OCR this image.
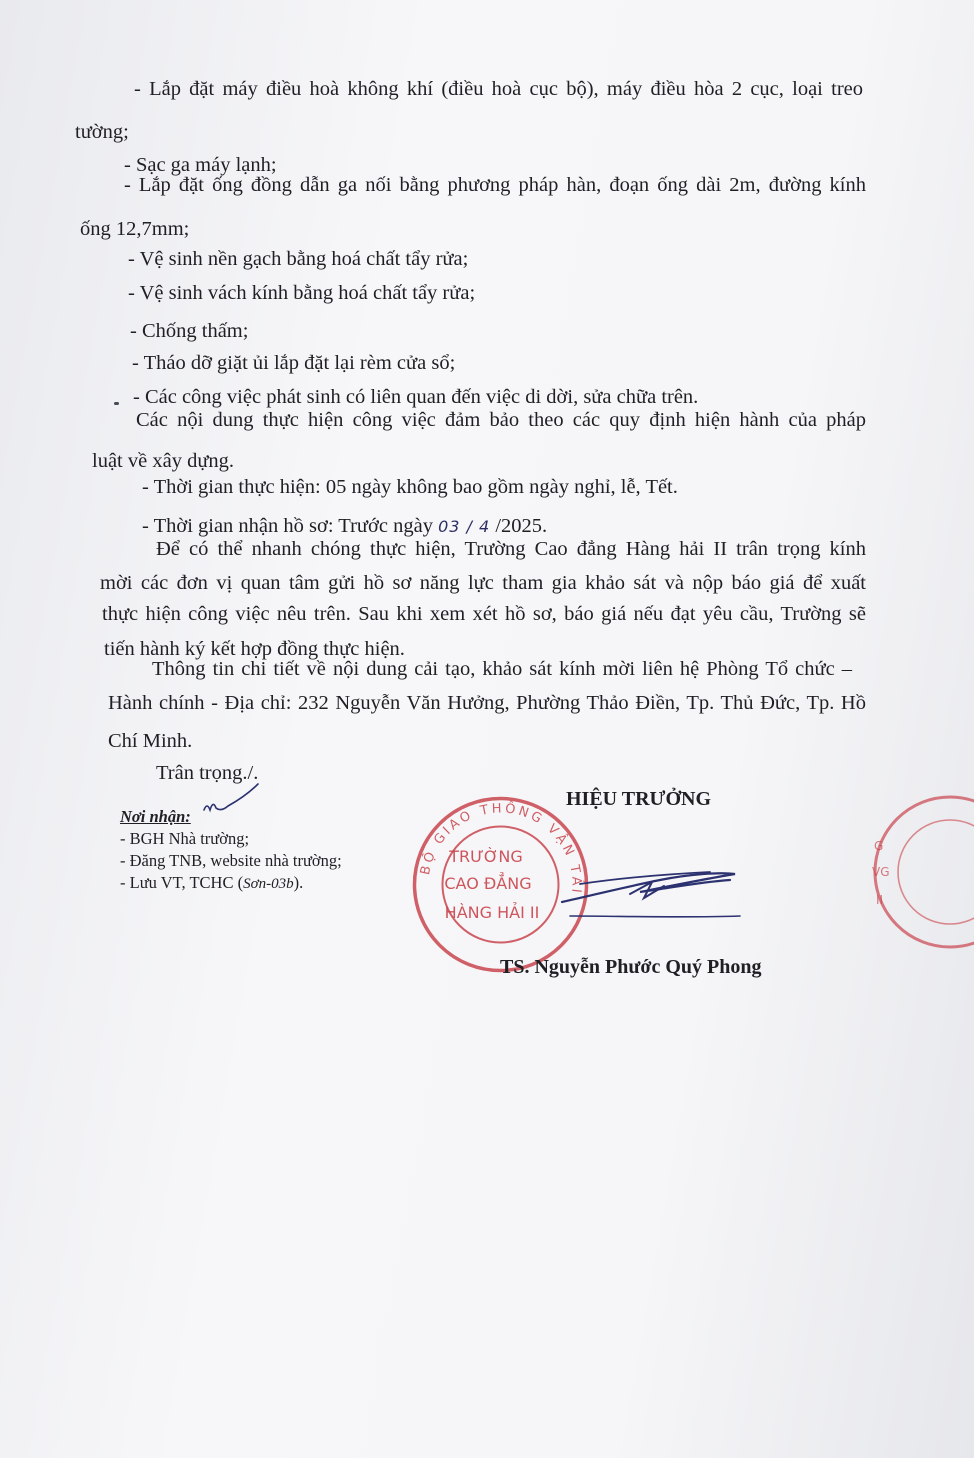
- Lắp đặt máy điều hoà không khí (điều hoà cục bộ), máy điều hòa 2 cục, loại treo
tường;
- Sạc ga máy lạnh;
- Lắp đặt ống đồng dẫn ga nối bằng phương pháp hàn, đoạn ống dài 2m, đường kính
ống 12,7mm;
- Vệ sinh nền gạch bằng hoá chất tẩy rửa;
- Vệ sinh vách kính bằng hoá chất tẩy rửa;
- Chống thấm;
- Tháo dỡ giặt ủi lắp đặt lại rèm cửa sổ;
- Các công việc phát sinh có liên quan đến việc di dời, sửa chữa trên.
Các nội dung thực hiện công việc đảm bảo theo các quy định hiện hành của pháp
luật về xây dựng.
- Thời gian thực hiện: 05 ngày không bao gồm ngày nghỉ, lễ, Tết.
- Thời gian nhận hồ sơ: Trước ngày 03 / 4 /2025.
Để có thể nhanh chóng thực hiện, Trường Cao đẳng Hàng hải II trân trọng kính
mời các đơn vị quan tâm gửi hồ sơ năng lực tham gia khảo sát và nộp báo giá để xuất
thực hiện công việc nêu trên. Sau khi xem xét hồ sơ, báo giá nếu đạt yêu cầu, Trường sẽ
tiến hành ký kết hợp đồng thực hiện.
Thông tin chi tiết về nội dung cải tạo, khảo sát kính mời liên hệ Phòng Tổ chức –
Hành chính - Địa chỉ: 232 Nguyễn Văn Hưởng, Phường Thảo Điền, Tp. Thủ Đức, Tp. Hồ
Chí Minh.
Trân trọng./.
Nơi nhận:
- BGH Nhà trường;
- Đăng TNB, website nhà trường;
- Lưu VT, TCHC (Sơn-03b).
BỘ GIAO THÔNG VẬN TẢI
TRƯỜNG
CAO ĐẲNG
HÀNG HẢI II
G
VG
II
HIỆU TRƯỞNG
TS. Nguyễn Phước Quý Phong
